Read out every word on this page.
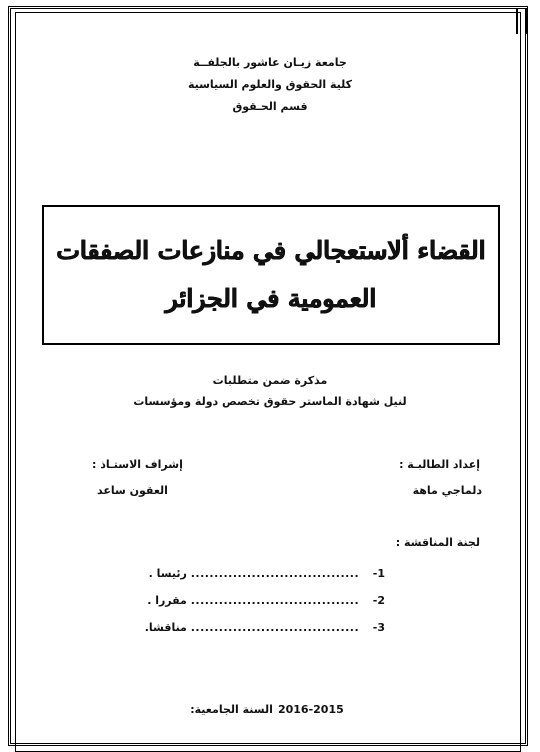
جامعة زيـان عاشور بالجلفــة
كلية الحقوق والعلوم السياسية
قسم الحـقوق
القضاء ألاستعجالي في منازعات الصفقات
العمومية في الجزائر
مذكرة ضمن متطلبات
لنيل شهادة الماستر حقوق تخصص دولة ومؤسسات
إعداد الطالبـة :
دلماجي ماهة
إشراف الاستـاذ :
العقون ساعد
لجنة المناقشة :
1- .................................... رئيسا .
2- .................................... مقررا .
3- .................................... مناقشا.
السنة الجامعية: 2016-2015
